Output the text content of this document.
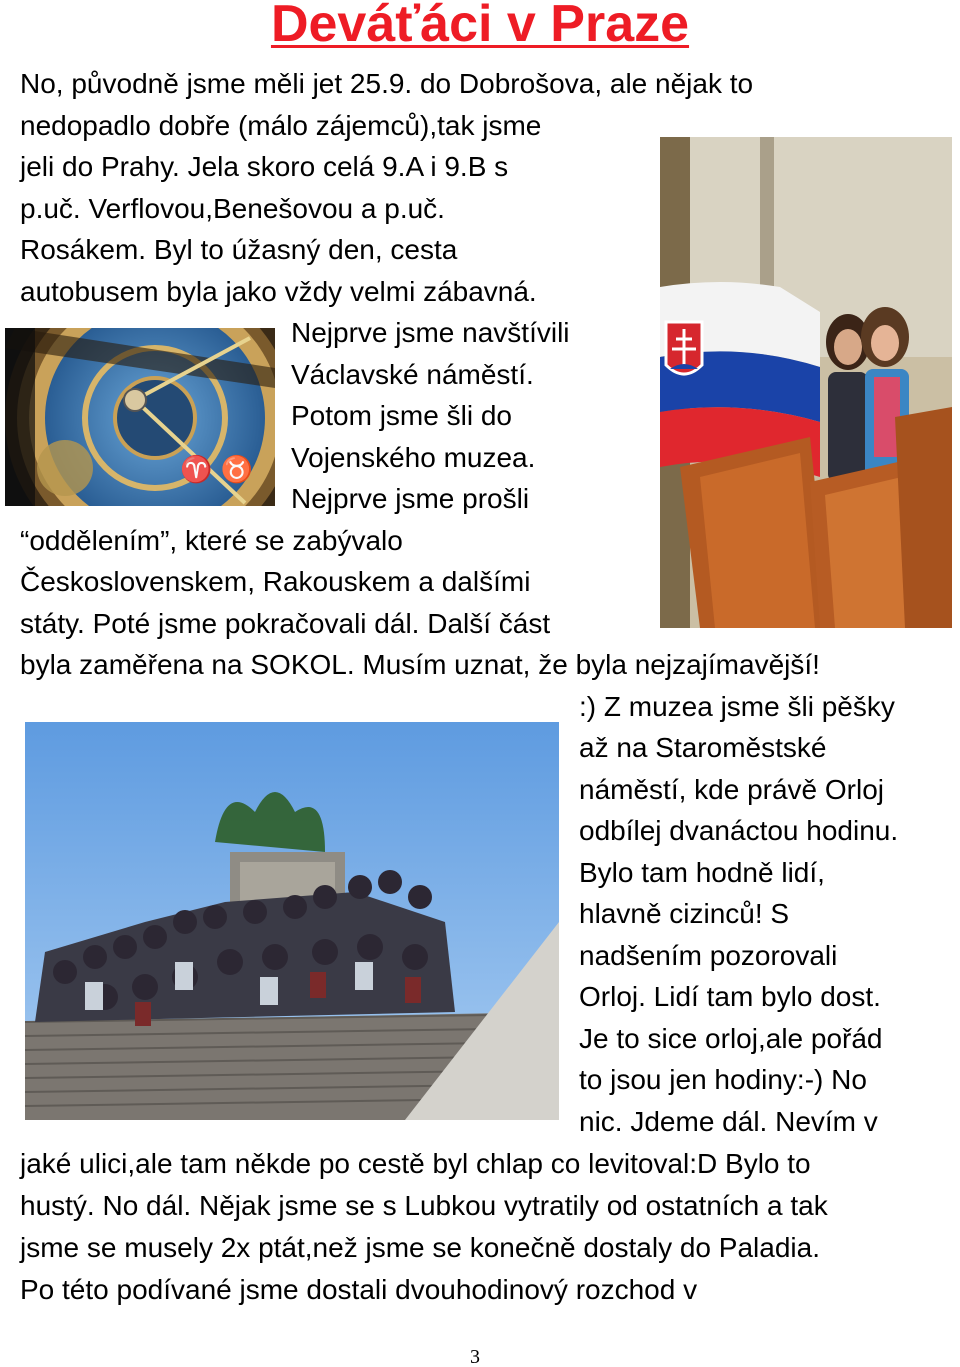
Deváťáci v Praze
♈ ♉
No, původně jsme měli jet 25.9. do Dobrošova, ale nějak to
nedopadlo dobře (málo zájemců),tak jsme
jeli do Prahy. Jela skoro celá 9.A i 9.B s
p.uč. Verflovou,Benešovou a p.uč.
Rosákem. Byl to úžasný den, cesta
autobusem byla jako vždy velmi zábavná.
Nejprve jsme navštívili
Václavské náměstí.
Potom jsme šli do
Vojenského muzea.
Nejprve jsme prošli
“oddělením”, které se zabývalo
Československem, Rakouskem a dalšími
státy. Poté jsme pokračovali dál. Další část
byla zaměřena na SOKOL. Musím uznat, že byla nejzajímavější!
:) Z muzea jsme šli pěšky
až na Staroměstské
náměstí, kde právě Orloj
odbílej dvanáctou hodinu.
Bylo tam hodně lidí,
hlavně cizinců! S
nadšením pozorovali
Orloj. Lidí tam bylo dost.
Je to sice orloj,ale pořád
to jsou jen hodiny:-) No
nic. Jdeme dál. Nevím v
jaké ulici,ale tam někde po cestě byl chlap co levitoval:D Bylo to
hustý. No dál. Nějak jsme se s Lubkou vytratily od ostatních a tak
jsme se musely 2x ptát,než jsme se konečně dostaly do Paladia.
Po této podívané jsme dostali dvouhodinový rozchod v
3
